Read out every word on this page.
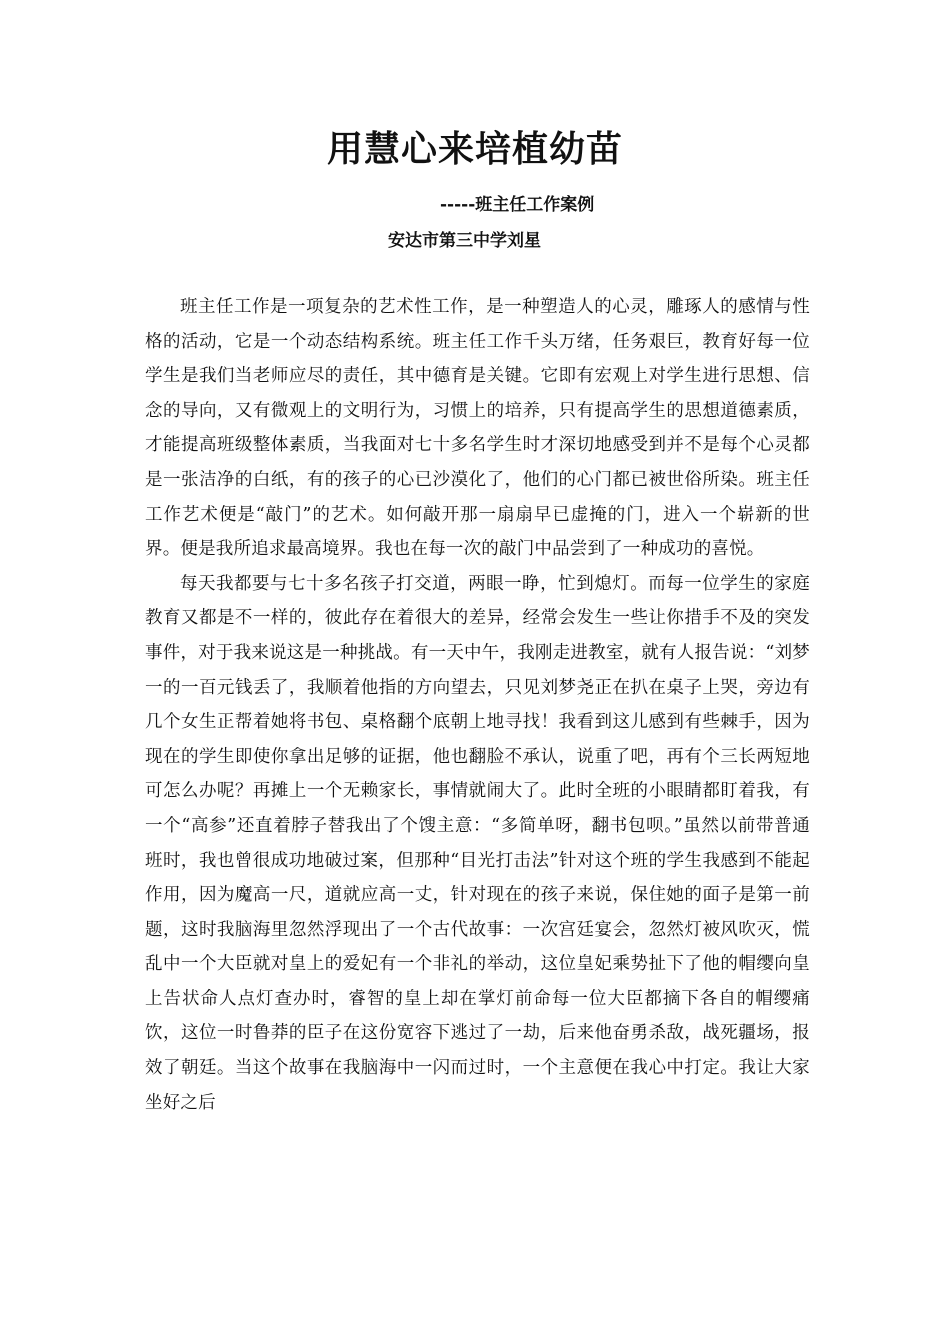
用慧心来培植幼苗
-----班主任工作案例
安达市第三中学刘星

班主任工作是一项复杂的艺术性工作，是一种塑造人的心灵，雕琢人的感情与性格的活动，它是一个动态结构系统。班主任工作千头万绪，任务艰巨，教育好每一位学生是我们当老师应尽的责任，其中德育是关键。它即有宏观上对学生进行思想、信念的导向，又有微观上的文明行为，习惯上的培养，只有提高学生的思想道德素质，才能提高班级整体素质，当我面对七十多名学生时才深切地感受到并不是每个心灵都是一张洁净的白纸，有的孩子的心已沙漠化了，他们的心门都已被世俗所染。班主任工作艺术便是“敲门”的艺术。如何敲开那一扇扇早已虚掩的门，进入一个崭新的世界。便是我所追求最高境界。我也在每一次的敲门中品尝到了一种成功的喜悦。

每天我都要与七十多名孩子打交道，两眼一睁，忙到熄灯。而每一位学生的家庭教育又都是不一样的，彼此存在着很大的差异，经常会发生一些让你措手不及的突发事件，对于我来说这是一种挑战。有一天中午，我刚走进教室，就有人报告说：“刘梦一的一百元钱丢了，我顺着他指的方向望去，只见刘梦尧正在扒在桌子上哭，旁边有几个女生正帮着她将书包、桌格翻个底朝上地寻找！我看到这儿感到有些棘手，因为现在的学生即使你拿出足够的证据，他也翻脸不承认，说重了吧，再有个三长两短地可怎么办呢？再摊上一个无赖家长，事情就闹大了。此时全班的小眼睛都盯着我，有一个“高参”还直着脖子替我出了个馊主意：“多简单呀，翻书包呗。”虽然以前带普通班时，我也曾很成功地破过案，但那种“目光打击法”针对这个班的学生我感到不能起作用，因为魔高一尺，道就应高一丈，针对现在的孩子来说，保住她的面子是第一前题，这时我脑海里忽然浮现出了一个古代故事：一次宫廷宴会，忽然灯被风吹灭，慌乱中一个大臣就对皇上的爱妃有一个非礼的举动，这位皇妃乘势扯下了他的帽缨向皇上告状命人点灯查办时，睿智的皇上却在掌灯前命每一位大臣都摘下各自的帽缨痛饮，这位一时鲁莽的臣子在这份宽容下逃过了一劫，后来他奋勇杀敌，战死疆场，报效了朝廷。当这个故事在我脑海中一闪而过时，一个主意便在我心中打定。我让大家坐好之后
